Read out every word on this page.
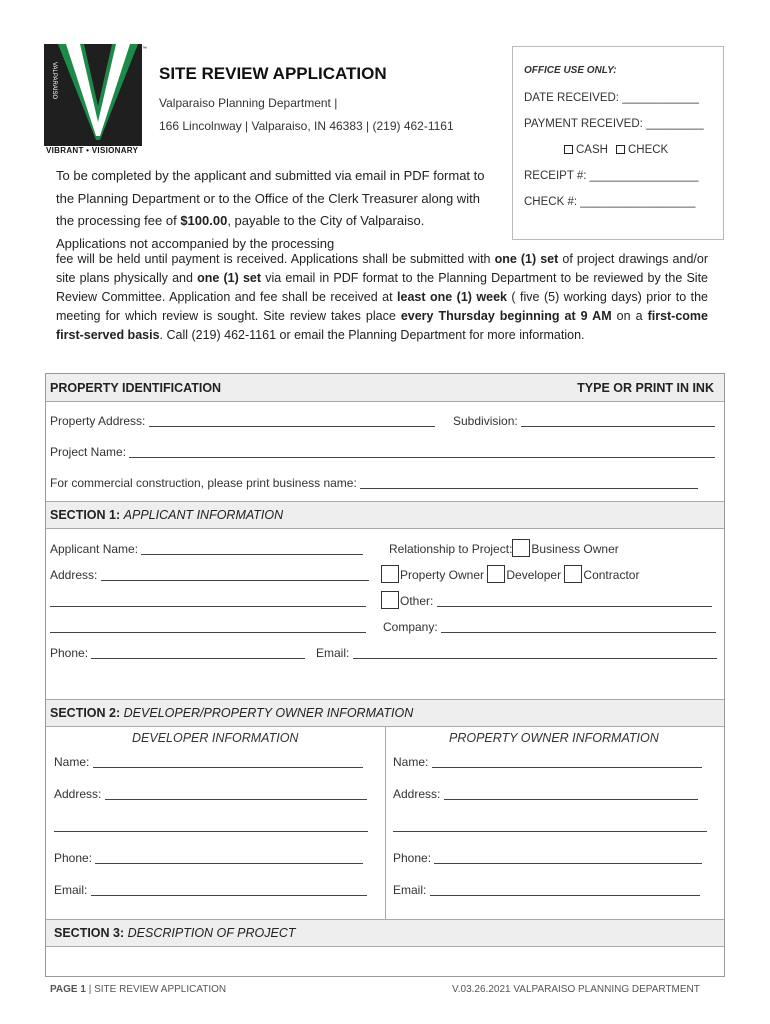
VALPARAISO
™
VIBRANT • VISIONARY
SITE REVIEW APPLICATION
Valparaiso Planning Department |
166 Lincolnway | Valparaiso, IN 46383 | (219) 462-1161
OFFICE USE ONLY:
DATE RECEIVED: ____________
PAYMENT RECEIVED: _________
CASH	CHECK
RECEIPT #: _________________
CHECK #: __________________
To be completed by the applicant and submitted via email in PDF format to the Planning Department or to the Office of the Clerk Treasurer along with the processing fee of $100.00, payable to the City of Valparaiso. Applications not accompanied by the processing
fee will be held until payment is received. Applications shall be submitted with one (1) set of project drawings and/or site plans physically and one (1) set via email in PDF format to the Planning Department to be reviewed by the Site Review Committee. Application and fee shall be received at least one (1) week ( five (5) working days) prior to the meeting for which review is sought. Site review takes place every Thursday beginning at 9 AM on a first-come first-served basis. Call (219) 462-1161 or email the Planning Department for more information.
PROPERTY IDENTIFICATION	TYPE OR PRINT IN INK
Property Address:	Subdivision:
Project Name:
For commercial construction, please print business name:
SECTION 1: APPLICANT INFORMATION
Applicant Name:	Relationship to Project: Business Owner
Address:	Property Owner Developer Contractor
Other:
Company:
Phone:	Email:
SECTION 2: DEVELOPER/PROPERTY OWNER INFORMATION
DEVELOPER INFORMATION	PROPERTY OWNER INFORMATION
Name:	Name:
Address:	Address:
Phone:	Phone:
Email:	Email:
SECTION 3: DESCRIPTION OF PROJECT
PAGE 1 | SITE REVIEW APPLICATION	V.03.26.2021 VALPARAISO PLANNING DEPARTMENT
